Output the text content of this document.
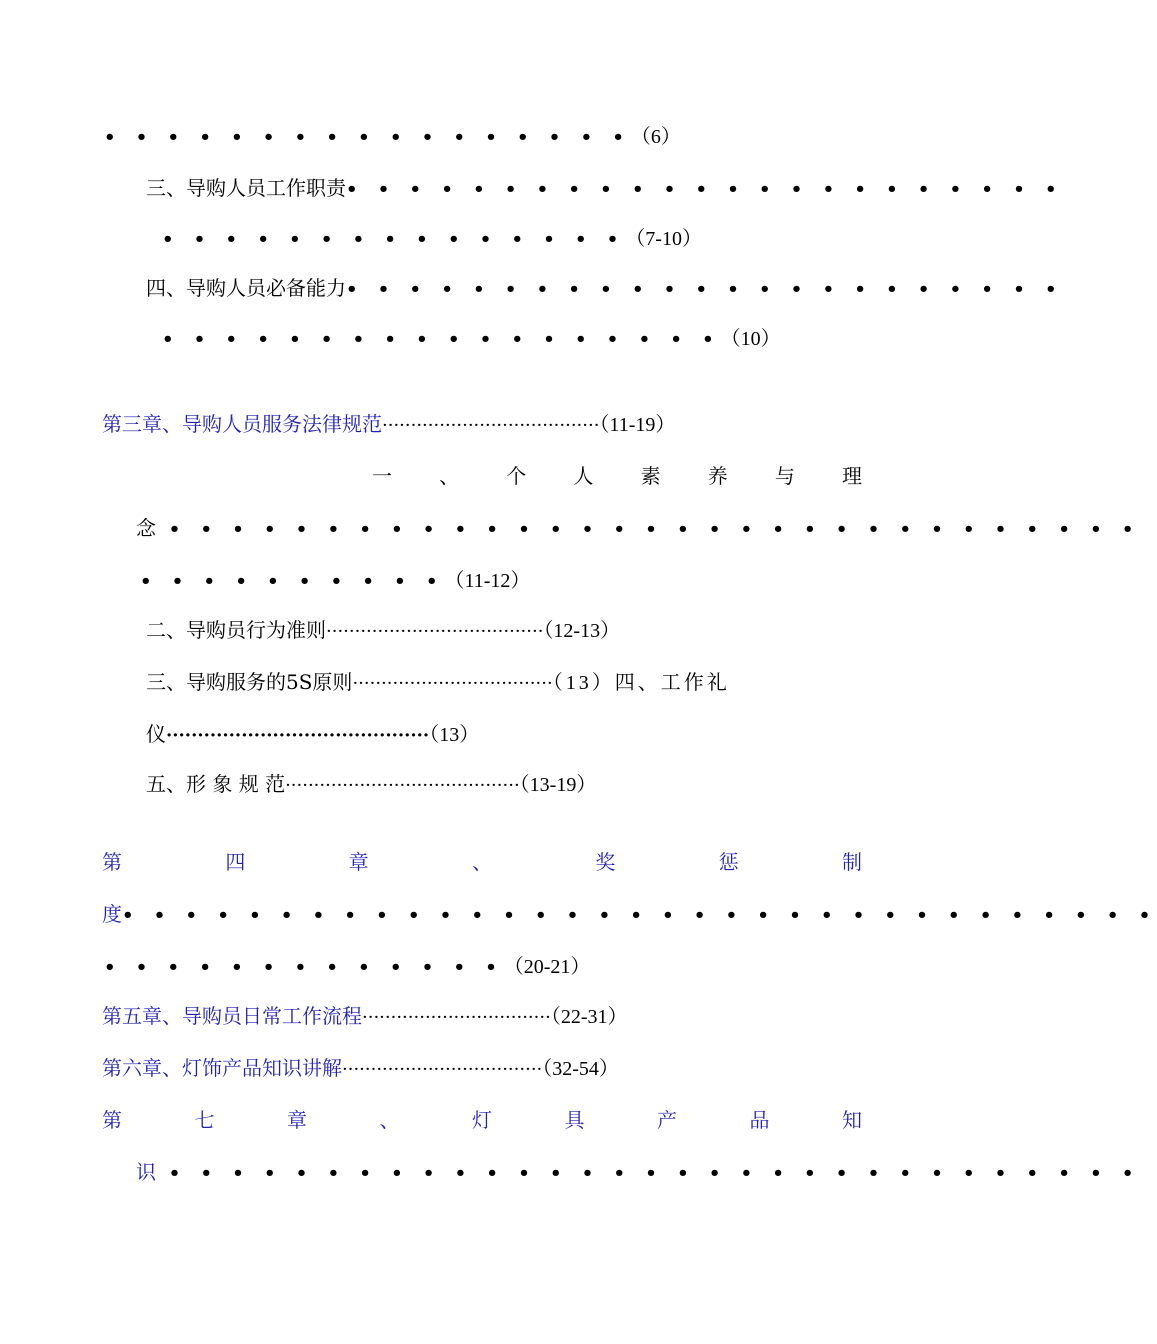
• • • • • • • • • • • • • • • • •（6）
三、导购人员工作职责• • • • • • • • • • • • • • • • • • • • • • •
• • • • • • • • • • • • • • •（7-10）
四、导购人员必备能力• • • • • • • • • • • • • • • • • • • • • • •
• • • • • • • • • • • • • • • • • •（10）
第三章、导购人员服务法律规范······································（11-19）
一 、 个 人 素 养 与 理
念 • • • • • • • • • • • • • • • • • • • • • • • • • • • • • • •
• • • • • • • • • •（11-12）
二、导购员行为准则······································（12-13）
三、导购服务的5S原则···································（13）四、工作礼
仪··········································（13）
五、形 象 规 范·········································（13-19）
第	四	章	、	奖	惩	制
度• • • • • • • • • • • • • • • • • • • • • • • • • • • • • • • • •
• • • • • • • • • • • • •（20-21）
第五章、导购员日常工作流程·································（22-31）
第六章、灯饰产品知识讲解···································（32-54）
第	七	章	、	灯	具	产	品	知
识 • • • • • • • • • • • • • • • • • • • • • • • • • • • • • • •
